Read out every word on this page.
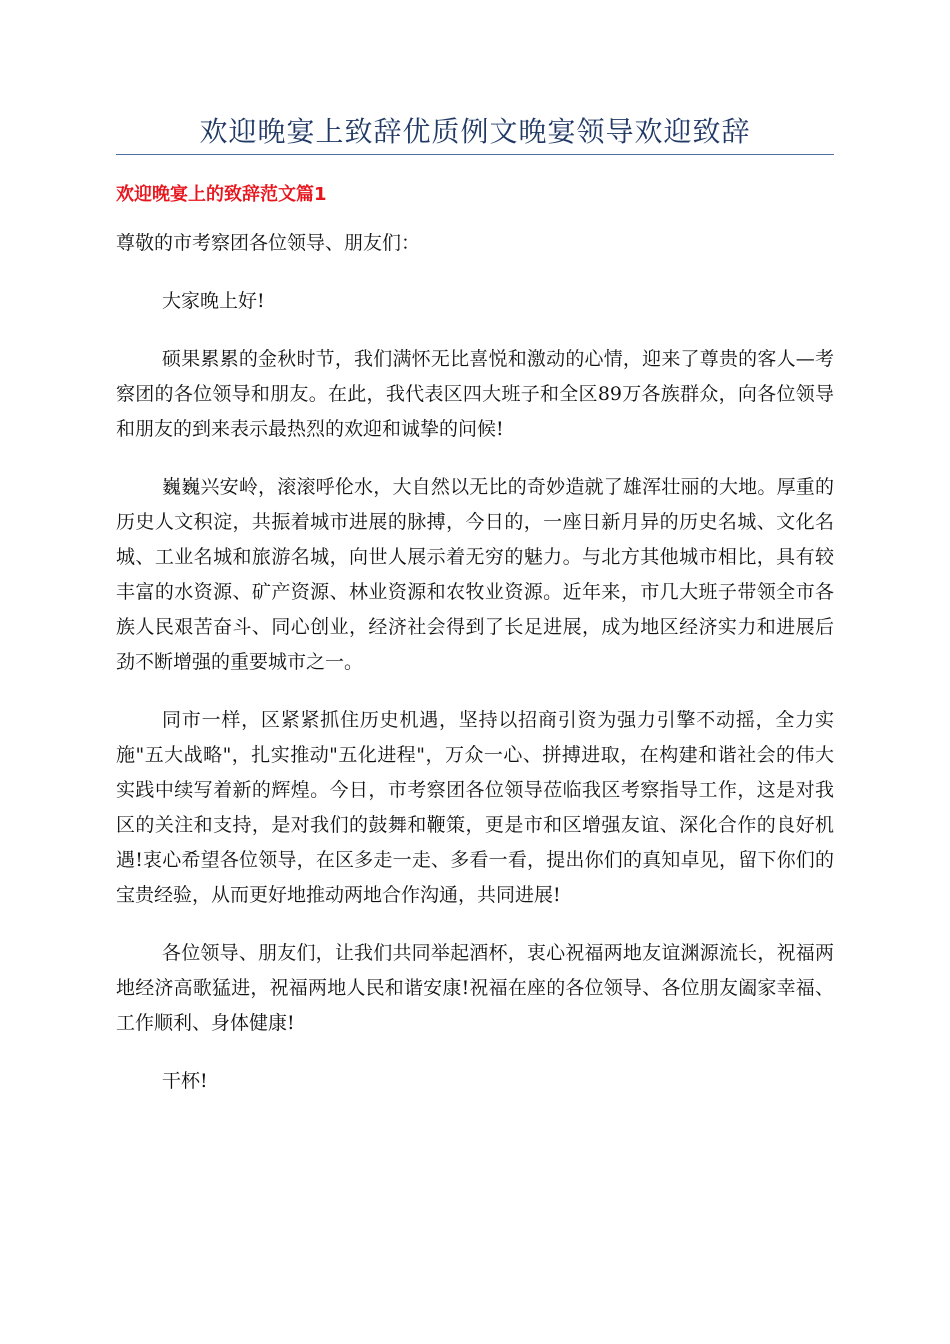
欢迎晚宴上致辞优质例文晚宴领导欢迎致辞
欢迎晚宴上的致辞范文篇1

尊敬的市考察团各位领导、朋友们：

大家晚上好!

硕果累累的金秋时节，我们满怀无比喜悦和激动的心情，迎来了尊贵的客人—考察团的各位领导和朋友。在此，我代表区四大班子和全区89万各族群众，向各位领导和朋友的到来表示最热烈的欢迎和诚挚的问候!

巍巍兴安岭，滚滚呼伦水，大自然以无比的奇妙造就了雄浑壮丽的大地。厚重的历史人文积淀，共振着城市进展的脉搏，今日的，一座日新月异的历史名城、文化名城、工业名城和旅游名城，向世人展示着无穷的魅力。与北方其他城市相比，具有较丰富的水资源、矿产资源、林业资源和农牧业资源。近年来，市几大班子带领全市各族人民艰苦奋斗、同心创业，经济社会得到了长足进展，成为地区经济实力和进展后劲不断增强的重要城市之一。

同市一样，区紧紧抓住历史机遇，坚持以招商引资为强力引擎不动摇，全力实施"五大战略"，扎实推动"五化进程"，万众一心、拼搏进取，在构建和谐社会的伟大实践中续写着新的辉煌。今日，市考察团各位领导莅临我区考察指导工作，这是对我区的关注和支持，是对我们的鼓舞和鞭策，更是市和区增强友谊、深化合作的良好机遇!衷心希望各位领导，在区多走一走、多看一看，提出你们的真知卓见，留下你们的宝贵经验，从而更好地推动两地合作沟通，共同进展!

各位领导、朋友们，让我们共同举起酒杯，衷心祝福两地友谊渊源流长，祝福两地经济高歌猛进，祝福两地人民和谐安康!祝福在座的各位领导、各位朋友阖家幸福、工作顺利、身体健康!

干杯!
